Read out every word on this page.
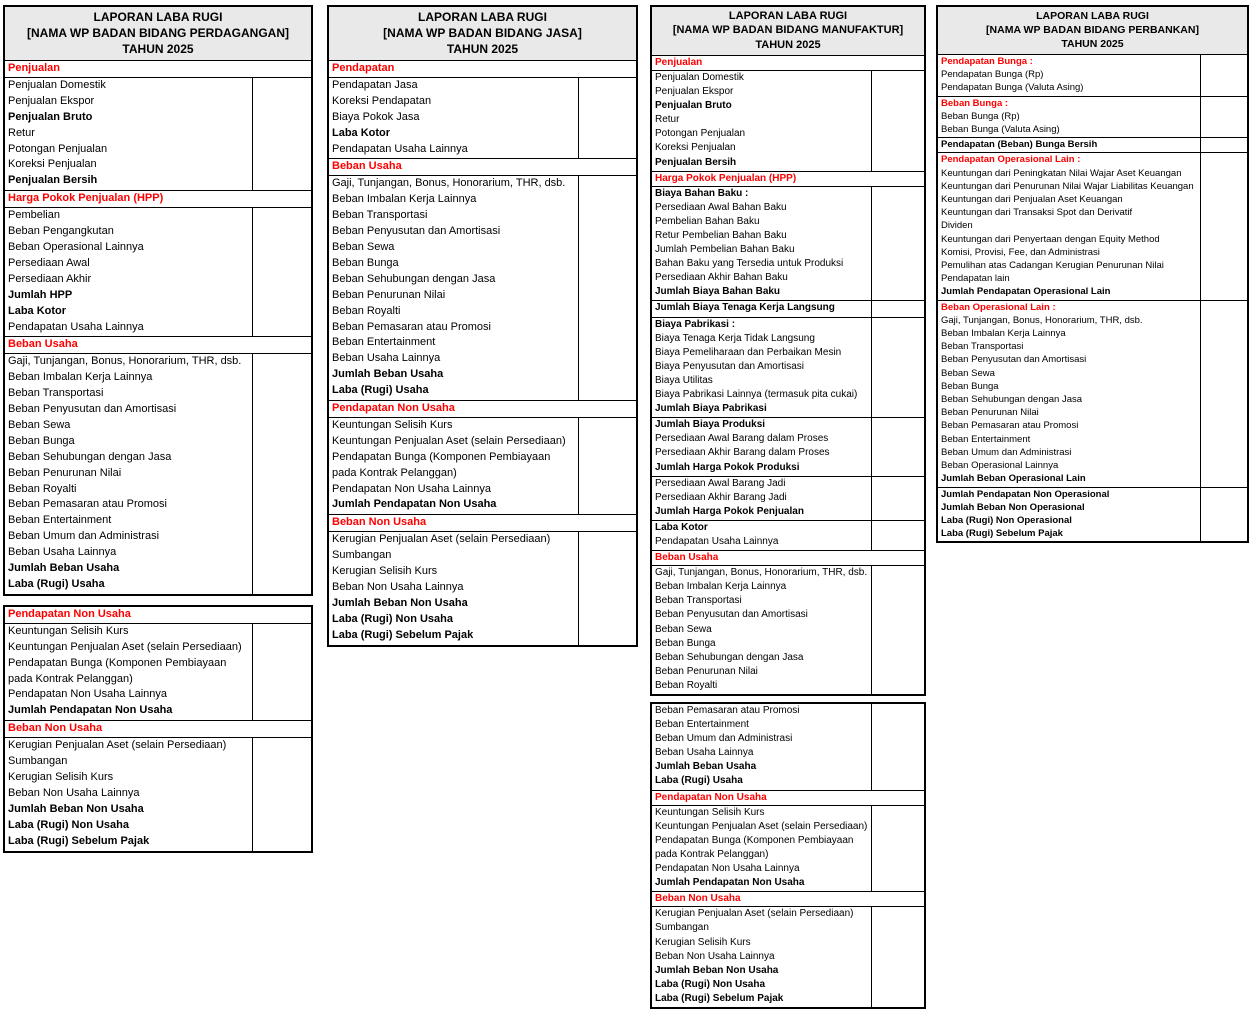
LAPORAN LABA RUGI
[NAMA WP BADAN BIDANG PERDAGANGAN]
TAHUN 2025
Penjualan
Penjualan Domestik
Penjualan Ekspor
Penjualan Bruto
Retur
Potongan Penjualan
Koreksi Penjualan
Penjualan Bersih
Harga Pokok Penjualan (HPP)
Pembelian
Beban Pengangkutan
Beban Operasional Lainnya
Persediaan Awal
Persediaan Akhir
Jumlah HPP
Laba Kotor
Pendapatan Usaha Lainnya
Beban Usaha
Gaji, Tunjangan, Bonus, Honorarium, THR, dsb.
Beban Imbalan Kerja Lainnya
Beban Transportasi
Beban Penyusutan dan Amortisasi
Beban Sewa
Beban Bunga
Beban Sehubungan dengan Jasa
Beban Penurunan Nilai
Beban Royalti
Beban Pemasaran atau Promosi
Beban Entertainment
Beban Umum dan Administrasi
Beban Usaha Lainnya
Jumlah Beban Usaha
Laba (Rugi) Usaha
Pendapatan Non Usaha
Keuntungan Selisih Kurs
Keuntungan Penjualan Aset (selain Persediaan)
Pendapatan Bunga (Komponen Pembiayaan pada Kontrak Pelanggan)
Pendapatan Non Usaha Lainnya
Jumlah Pendapatan Non Usaha
Beban Non Usaha
Kerugian Penjualan Aset (selain Persediaan)
Sumbangan
Kerugian Selisih Kurs
Beban Non Usaha Lainnya
Jumlah Beban Non Usaha
Laba (Rugi) Non Usaha
Laba (Rugi) Sebelum Pajak
LAPORAN LABA RUGI
[NAMA WP BADAN BIDANG JASA]
TAHUN 2025
Pendapatan
Pendapatan Jasa
Koreksi Pendapatan
Biaya Pokok Jasa
Laba Kotor
Pendapatan Usaha Lainnya
Beban Usaha
Gaji, Tunjangan, Bonus, Honorarium, THR, dsb.
Beban Imbalan Kerja Lainnya
Beban Transportasi
Beban Penyusutan dan Amortisasi
Beban Sewa
Beban Bunga
Beban Sehubungan dengan Jasa
Beban Penurunan Nilai
Beban Royalti
Beban Pemasaran atau Promosi
Beban Entertainment
Beban Usaha Lainnya
Jumlah Beban Usaha
Laba (Rugi) Usaha
Pendapatan Non Usaha
Keuntungan Selisih Kurs
Keuntungan Penjualan Aset (selain Persediaan)
Pendapatan Bunga (Komponen Pembiayaan pada Kontrak Pelanggan)
Pendapatan Non Usaha Lainnya
Jumlah Pendapatan Non Usaha
Beban Non Usaha
Kerugian Penjualan Aset (selain Persediaan)
Sumbangan
Kerugian Selisih Kurs
Beban Non Usaha Lainnya
Jumlah Beban Non Usaha
Laba (Rugi) Non Usaha
Laba (Rugi) Sebelum Pajak
LAPORAN LABA RUGI
[NAMA WP BADAN BIDANG MANUFAKTUR]
TAHUN 2025
Penjualan
Penjualan Domestik
Penjualan Ekspor
Penjualan Bruto
Retur
Potongan Penjualan
Koreksi Penjualan
Penjualan Bersih
Harga Pokok Penjualan (HPP)
Biaya Bahan Baku :
Persediaan Awal Bahan Baku
Pembelian Bahan Baku
Retur Pembelian Bahan Baku
Jumlah Pembelian Bahan Baku
Bahan Baku yang Tersedia untuk Produksi
Persediaan Akhir Bahan Baku
Jumlah Biaya Bahan Baku
Jumlah Biaya Tenaga Kerja Langsung
Biaya Pabrikasi :
Biaya Tenaga Kerja Tidak Langsung
Biaya Pemeliharaan dan Perbaikan Mesin
Biaya Penyusutan dan Amortisasi
Biaya Utilitas
Biaya Pabrikasi Lainnya (termasuk pita cukai)
Jumlah Biaya Pabrikasi
Jumlah Biaya Produksi
Persediaan Awal Barang dalam Proses
Persediaan Akhir Barang dalam Proses
Jumlah Harga Pokok Produksi
Persediaan Awal Barang Jadi
Persediaan Akhir Barang Jadi
Jumlah Harga Pokok Penjualan
Laba Kotor
Pendapatan Usaha Lainnya
Beban Usaha
Gaji, Tunjangan, Bonus, Honorarium, THR, dsb.
Beban Imbalan Kerja Lainnya
Beban Transportasi
Beban Penyusutan dan Amortisasi
Beban Sewa
Beban Bunga
Beban Sehubungan dengan Jasa
Beban Penurunan Nilai
Beban Royalti
Beban Pemasaran atau Promosi
Beban Entertainment
Beban Umum dan Administrasi
Beban Usaha Lainnya
Jumlah Beban Usaha
Laba (Rugi) Usaha
Pendapatan Non Usaha
Keuntungan Selisih Kurs
Keuntungan Penjualan Aset (selain Persediaan)
Pendapatan Bunga (Komponen Pembiayaan pada Kontrak Pelanggan)
Pendapatan Non Usaha Lainnya
Jumlah Pendapatan Non Usaha
Beban Non Usaha
Kerugian Penjualan Aset (selain Persediaan)
Sumbangan
Kerugian Selisih Kurs
Beban Non Usaha Lainnya
Jumlah Beban Non Usaha
Laba (Rugi) Non Usaha
Laba (Rugi) Sebelum Pajak
LAPORAN LABA RUGI
[NAMA WP BADAN BIDANG PERBANKAN]
TAHUN 2025
Pendapatan Bunga :
Pendapatan Bunga (Rp)
Pendapatan Bunga (Valuta Asing)
Beban Bunga :
Beban Bunga (Rp)
Beban Bunga (Valuta Asing)
Pendapatan (Beban) Bunga Bersih
Pendapatan Operasional Lain :
Keuntungan dari Peningkatan Nilai Wajar Aset Keuangan
Keuntungan dari Penurunan Nilai Wajar Liabilitas Keuangan
Keuntungan dari Penjualan Aset Keuangan
Keuntungan dari Transaksi Spot dan Derivatif
Dividen
Keuntungan dari Penyertaan dengan Equity Method
Komisi, Provisi, Fee, dan Administrasi
Pemulihan atas Cadangan Kerugian Penurunan Nilai
Pendapatan lain
Jumlah Pendapatan Operasional Lain
Beban Operasional Lain :
Gaji, Tunjangan, Bonus, Honorarium, THR, dsb.
Beban Imbalan Kerja Lainnya
Beban Transportasi
Beban Penyusutan dan Amortisasi
Beban Sewa
Beban Bunga
Beban Sehubungan dengan Jasa
Beban Penurunan Nilai
Beban Pemasaran atau Promosi
Beban Entertainment
Beban Umum dan Administrasi
Beban Operasional Lainnya
Jumlah Beban Operasional Lain
Jumlah Pendapatan Non Operasional
Jumlah Beban Non Operasional
Laba (Rugi) Non Operasional
Laba (Rugi) Sebelum Pajak
